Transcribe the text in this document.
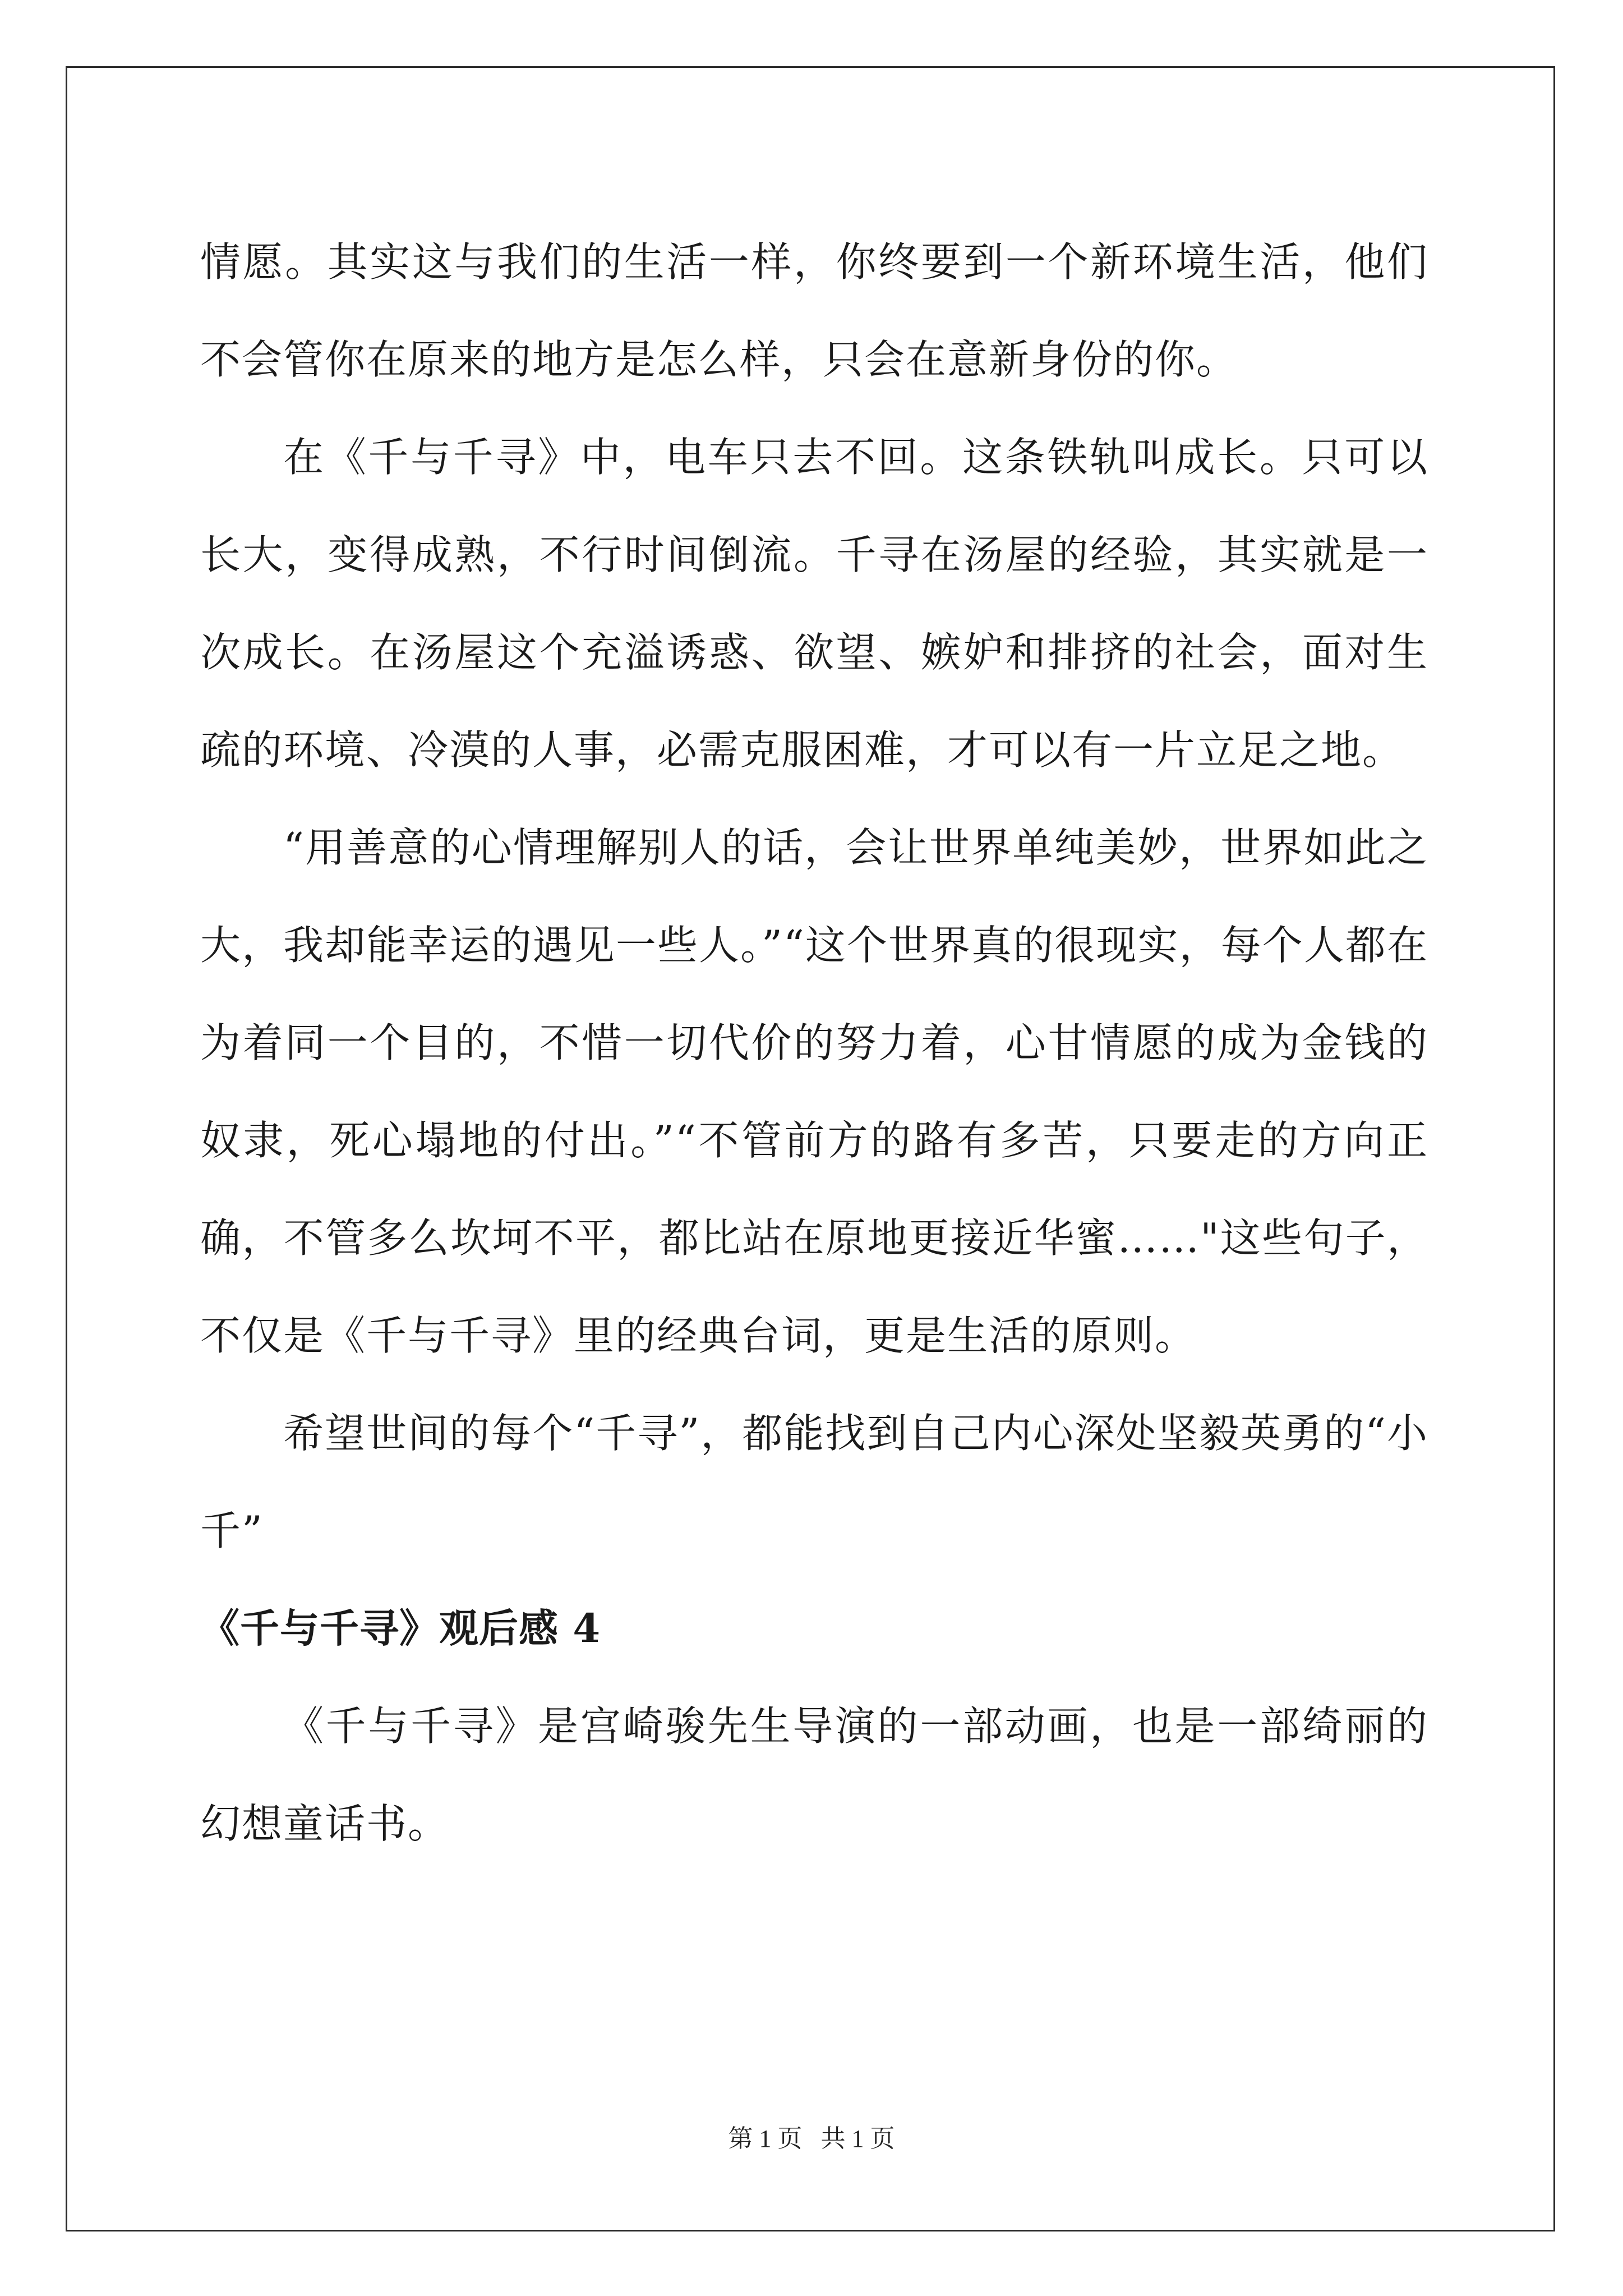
情愿。其实这与我们的生活一样，你终要到一个新环境生活，他们不会管你在原来的地方是怎么样，只会在意新身份的你。

在《千与千寻》中，电车只去不回。这条铁轨叫成长。只可以长大，变得成熟，不行时间倒流。千寻在汤屋的经验，其实就是一次成长。在汤屋这个充溢诱惑、欲望、嫉妒和排挤的社会，面对生疏的环境、冷漠的人事，必需克服困难，才可以有一片立足之地。

“用善意的心情理解别人的话，会让世界单纯美妙，世界如此之大，我却能幸运的遇见一些人。”“这个世界真的很现实，每个人都在为着同一个目的，不惜一切代价的努力着，心甘情愿的成为金钱的奴隶，死心塌地的付出。”“不管前方的路有多苦，只要走的方向正确，不管多么坎坷不平，都比站在原地更接近华蜜……"这些句子，不仅是《千与千寻》里的经典台词，更是生活的原则。

希望世间的每个“千寻”，都能找到自己内心深处坚毅英勇的“小千”

《千与千寻》观后感 4

《千与千寻》是宫崎骏先生导演的一部动画，也是一部绮丽的幻想童话书。

第 1 页   共 1 页
